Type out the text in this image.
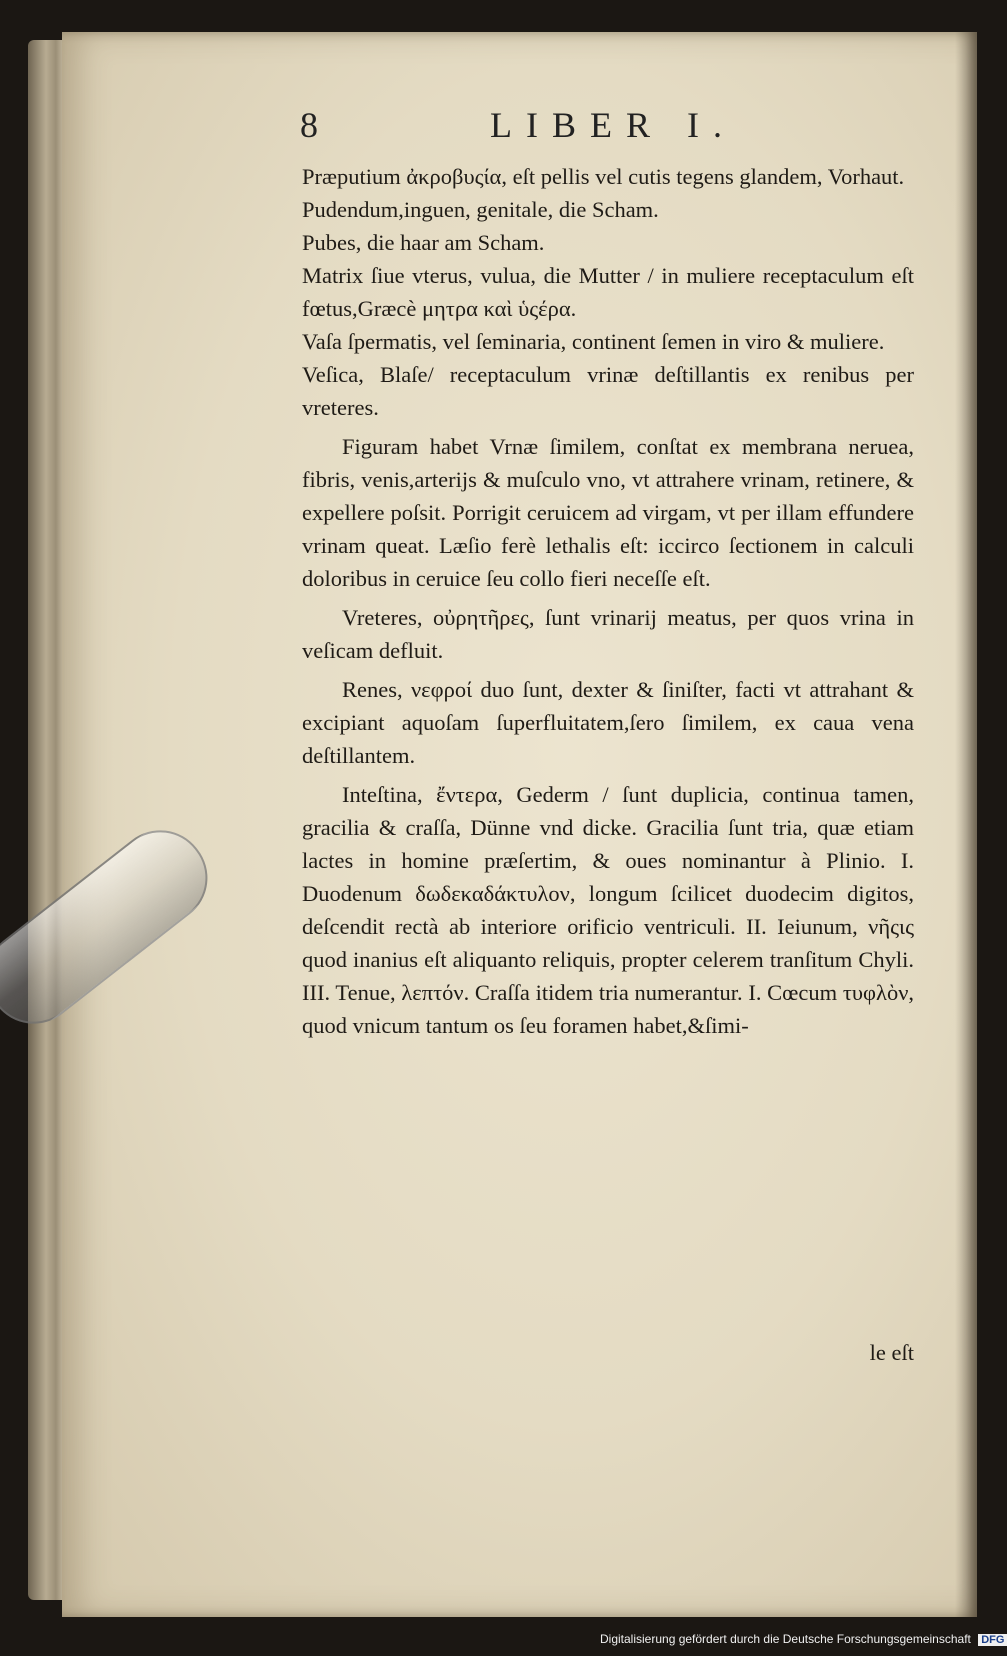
8	LIBER I.

Præputium ἀκροβυςία, eſt pellis vel cutis tegens glandem, Vorhaut.

Pudendum,inguen, genitale, die Scham.

Pubes, die haar am Scham.

Matrix ſiue vterus, vulua, die Mutter / in muliere receptaculum eſt fœtus,Græcè μητρα καὶ ὑςέρα.

Vaſa ſpermatis, vel ſeminaria, continent ſemen in viro & muliere.

Veſica, Blaſe/ receptaculum vrinæ deſtillantis ex renibus per vreteres.

Figuram habet Vrnæ ſimilem, conſtat ex membrana neruea, fibris, venis,arterijs & muſculo vno, vt attrahere vrinam, retinere, & expellere poſsit. Porrigit ceruicem ad virgam, vt per illam effundere vrinam queat. Læſio ferè lethalis eſt: iccirco ſectionem in calculi doloribus in ceruice ſeu collo fieri neceſſe eſt.

Vreteres, οὐρητῆρες, ſunt vrinarij meatus, per quos vrina in veſicam defluit.

Renes, νεφροί duo ſunt, dexter & ſiniſter, facti vt attrahant & excipiant aquoſam ſuperfluitatem,ſero ſimilem, ex caua vena deſtillantem.

Inteſtina, ἔντερα, Gederm / ſunt duplicia, continua tamen, gracilia & craſſa, Dünne vnd dicke. Gracilia ſunt tria, quæ etiam lactes in homine præſertim, & oues nominantur à Plinio. I. Duodenum δωδεκαδάκτυλον, longum ſcilicet duodecim digitos, deſcendit rectà ab interiore orificio ventriculi. II. Ieiunum, νῆςις quod inanius eſt aliquanto reliquis, propter celerem tranſitum Chyli. III. Tenue, λεπτόν. Craſſa itidem tria numerantur. I. Cœcum τυφλὸν, quod vnicum tantum os ſeu foramen habet,&ſimi-

le eſt
Digitalisierung gefördert durch die Deutsche Forschungsgemeinschaft DFG
